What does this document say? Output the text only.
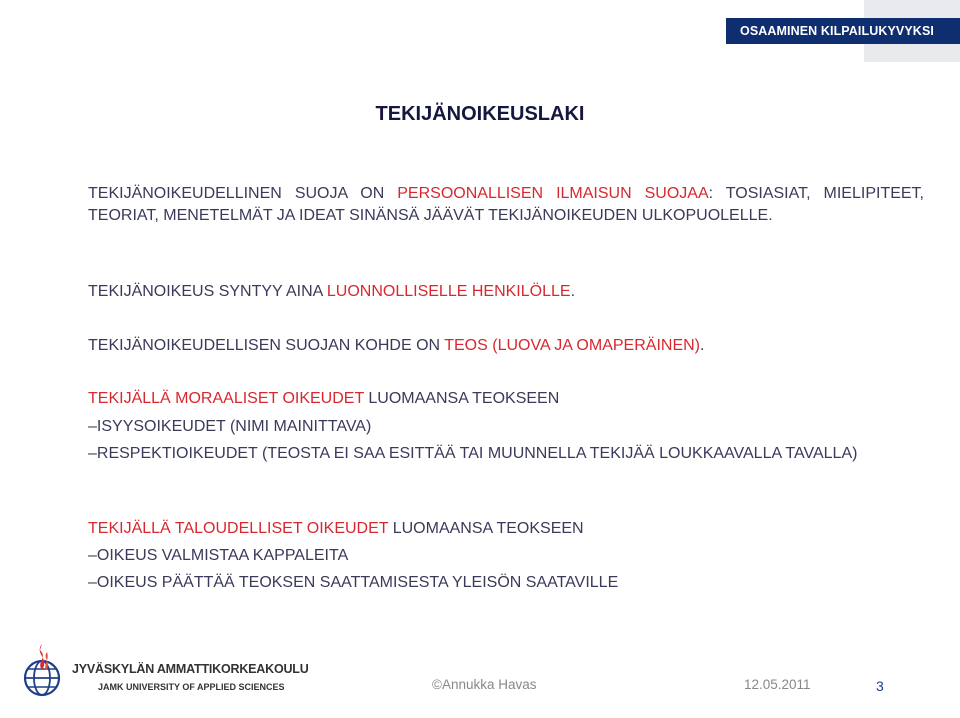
OSAAMINEN KILPAILUKYVYKSI
TEKIJÄNOIKEUSLAKI

TEKIJÄNOIKEUDELLINEN SUOJA ON PERSOONALLISEN ILMAISUN SUOJAA: TOSIASIAT, MIELIPITEET, TEORIAT, MENETELMÄT JA IDEAT SINÄNSÄ JÄÄVÄT TEKIJÄNOIKEUDEN ULKOPUOLELLE.

TEKIJÄNOIKEUS SYNTYY AINA LUONNOLLISELLE HENKILÖLLE.

TEKIJÄNOIKEUDELLISEN SUOJAN KOHDE ON TEOS (LUOVA JA OMAPERÄINEN).

TEKIJÄLLÄ MORAALISET OIKEUDET LUOMAANSA TEOKSEEN

–ISYYSOIKEUDET (NIMI MAINITTAVA)

–RESPEKTIOIKEUDET (TEOSTA EI SAA ESITTÄÄ TAI MUUNNELLA TEKIJÄÄ LOUKKAAVALLA TAVALLA)

TEKIJÄLLÄ TALOUDELLISET OIKEUDET LUOMAANSA TEOKSEEN

–OIKEUS VALMISTAA KAPPALEITA

–OIKEUS PÄÄTTÄÄ TEOKSEN SAATTAMISESTA YLEISÖN SAATAVILLE

JYVÄSKYLÄN AMMATTIKORKEAKOULU
JAMK UNIVERSITY OF APPLIED SCIENCES	©Annukka Havas	12.05.2011	3
